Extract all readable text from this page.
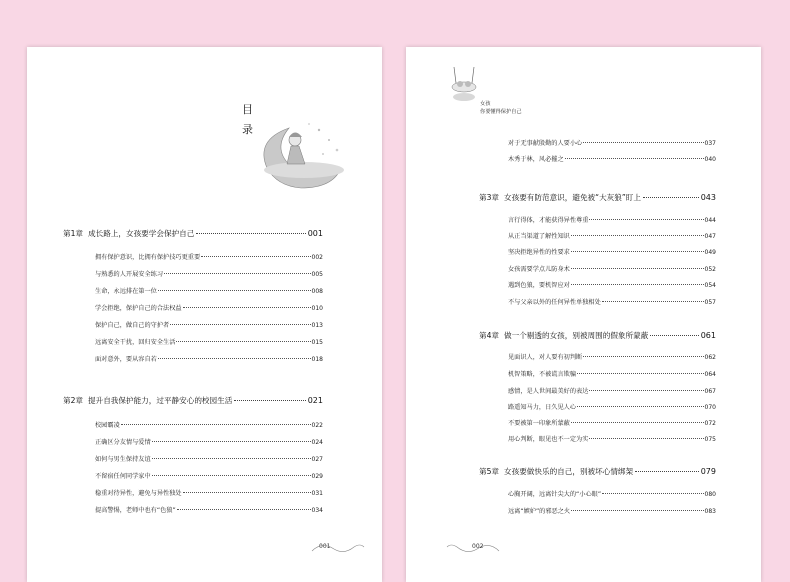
目
录
第1章 成长路上，女孩要学会保护自己	001
拥有保护意识，比拥有保护技巧更重要	002
与熟悉的人开展安全练习	005
生命，永远排在第一位	008
学会拒绝，保护自己的合法权益	010
保护自己，做自己的守护者	013
远离安全干扰，回归安全生活	015
面对意外，要从容自若	018
第2章 提升自我保护能力，过平静安心的校园生活	021
校园霸凌	022
正确区分友情与爱情	024
如何与男生保持友谊	027
不留宿任何同学家中	029
稳重对待异性，避免与异性独处	031
提高警惕，老师中也有“色狼”	034
001
女孩
你要懂得保护自己
对于无事献殷勤的人要小心	037
木秀于林，风必摧之	040
第3章 女孩要有防范意识，避免被“大灰狼”盯上	043
言行得体，才能获得异性尊重	044
从正当渠道了解性知识	047
坚决拒绝异性的性要求	049
女孩需要学点儿防身术	052
遇到色狼，要机智应对	054
不与父亲以外的任何异性单独相处	057
第4章 做一个剔透的女孩，别被周围的假象所蒙蔽	061
见面识人，对人要有初判断	062
机智策略，不被谎言欺骗	064
感情，是人世间最美好的表达	067
路遥知马力，日久见人心	070
不要被第一印象所蒙蔽	072
用心判断，眼见也不一定为实	075
第5章 女孩要做快乐的自己，别被坏心情绑架	079
心胸开阔，远离针尖大的“小心眼”	080
远离“嫉妒”的邪恶之火	083
002
